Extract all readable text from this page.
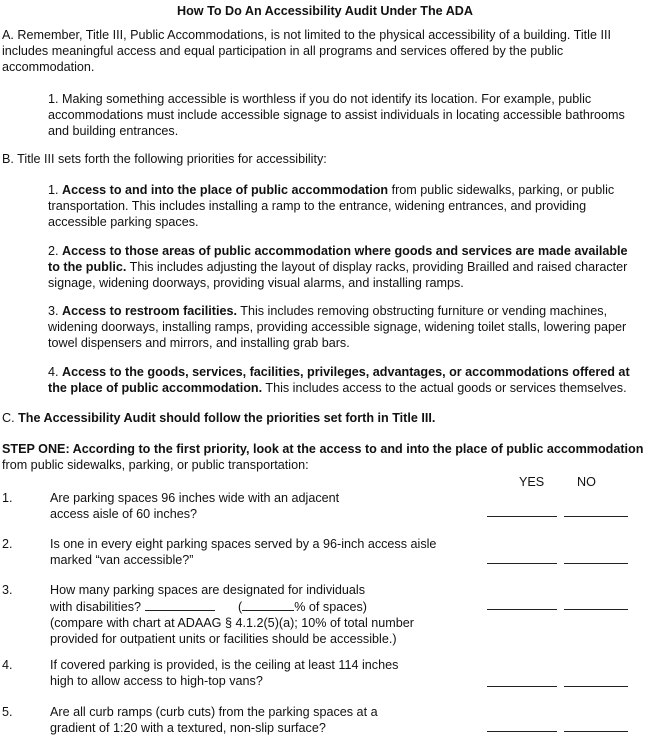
How To Do An Accessibility Audit Under The ADA

A. Remember, Title III, Public Accommodations, is not limited to the physical accessibility of a building. Title III includes meaningful access and equal participation in all programs and services offered by the public accommodation.

1. Making something accessible is worthless if you do not identify its location. For example, public accommodations must include accessible signage to assist individuals in locating accessible bathrooms and building entrances.

B. Title III sets forth the following priorities for accessibility:

1. Access to and into the place of public accommodation from public sidewalks, parking, or public transportation. This includes installing a ramp to the entrance, widening entrances, and providing accessible parking spaces.

2. Access to those areas of public accommodation where goods and services are made available to the public. This includes adjusting the layout of display racks, providing Brailled and raised character signage, widening doorways, providing visual alarms, and installing ramps.

3. Access to restroom facilities. This includes removing obstructing furniture or vending machines, widening doorways, installing ramps, providing accessible signage, widening toilet stalls, lowering paper towel dispensers and mirrors, and installing grab bars.

4. Access to the goods, services, facilities, privileges, advantages, or accommodations offered at the place of public accommodation. This includes access to the actual goods or services themselves.

C. The Accessibility Audit should follow the priorities set forth in Title III.

STEP ONE: According to the first priority, look at the access to and into the place of public accommodation
from public sidewalks, parking, or public transportation:

YES	NO
1.	Are parking spaces 96 inches wide with an adjacent
access aisle of 60 inches?
2.	Is one in every eight parking spaces served by a 96-inch access aisle
marked “van accessible?”
3.	How many parking spaces are designated for individuals
with disabilities?	(	% of spaces)
(compare with chart at ADAAG § 4.1.2(5)(a); 10% of total number
provided for outpatient units or facilities should be accessible.)
4.	If covered parking is provided, is the ceiling at least 114 inches
high to allow access to high-top vans?
5.	Are all curb ramps (curb cuts) from the parking spaces at a
gradient of 1:20 with a textured, non-slip surface?
